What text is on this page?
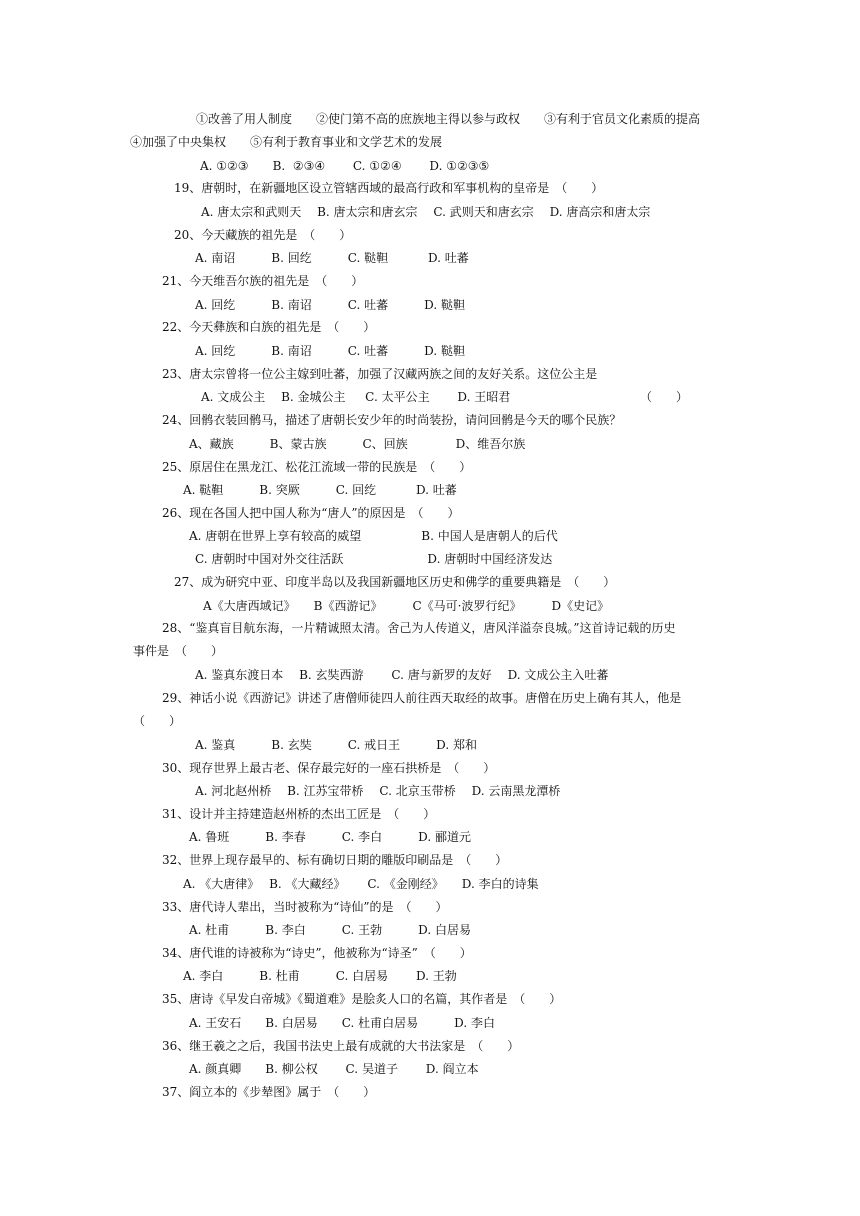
①改善了用人制度　　②使门第不高的庶族地主得以参与政权　　③有利于官员文化素质的提高
④加强了中央集权　　⑤有利于教育事业和文学艺术的发展
A. ①②③　　B.  ②③④　　 C. ①②④　　 D. ①②③⑤
19、唐朝时，在新疆地区设立管辖西域的最高行政和军事机构的皇帝是　（　　）
A. 唐太宗和武则天　 B. 唐太宗和唐玄宗　 C. 武则天和唐玄宗　 D. 唐高宗和唐太宗
20、今天藏族的祖先是　（　　）
A. 南诏　　　B. 回纥　　　C. 鞑靼　　　 D. 吐蕃
21、今天维吾尔族的祖先是　（　　）
A. 回纥　　　B. 南诏　　　C. 吐蕃　　　D. 鞑靼
22、今天彝族和白族的祖先是　（　　）
A. 回纥　　　B. 南诏　　　C. 吐蕃　　　D. 鞑靼
23、唐太宗曾将一位公主嫁到吐蕃，加强了汉藏两族之间的友好关系。这位公主是
A. 文成公主　 B. 金城公主　  C. 太平公主　　 D. 王昭君	（　　）
24、回鹘衣装回鹘马，描述了唐朝长安少年的时尚装扮，请问回鹘是今天的哪个民族？
A、藏族　　　B、蒙古族　　　C、回族　　　　D、维吾尔族
25、原居住在黑龙江、松花江流域一带的民族是　（　　）
A. 鞑靼　　　B. 突厥　　　C. 回纥　　　 D. 吐蕃
26、现在各国人把中国人称为“唐人”的原因是　（　　）
A. 唐朝在世界上享有较高的威望　　　　　B. 中国人是唐朝人的后代
C. 唐朝时中国对外交往活跃　　　　　　　D. 唐朝时中国经济发达
27、成为研究中亚、印度半岛以及我国新疆地区历史和佛学的重要典籍是　（　　）
A《大唐西域记》　　B《西游记》　　　C《马可·波罗行纪》　　　D《史记》
28、“鉴真盲目航东海，一片精诚照太清。舍己为人传道义，唐风洋溢奈良城。”这首诗记载的历史
事件是　（　　）
A. 鉴真东渡日本　 B. 玄奘西游　　 C. 唐与新罗的友好　 D. 文成公主入吐蕃
29、神话小说《西游记》讲述了唐僧师徒四人前往西天取经的故事。唐僧在历史上确有其人，他是
（　　）
A. 鉴真　　　B. 玄奘　　　C. 戒日王　　　D. 郑和
30、现存世界上最古老、保存最完好的一座石拱桥是　（　　）
A. 河北赵州桥　 B. 江苏宝带桥　 C. 北京玉带桥　 D. 云南黑龙潭桥
31、设计并主持建造赵州桥的杰出工匠是　（　　）
A. 鲁班　　　B. 李春　　　C. 李白　　　D. 郦道元
32、世界上现存最早的、标有确切日期的雕版印刷品是　（　　）
A. 《大唐律》　 B. 《大藏经》　　 C. 《金刚经》　　D. 李白的诗集
33、唐代诗人辈出，当时被称为“诗仙”的是　（　　）
A. 杜甫　　　B. 李白　　　C. 王勃　　　D. 白居易
34、唐代谁的诗被称为“诗史”，他被称为“诗圣”　（　　）
A. 李白　　　B. 杜甫　　　C. 白居易　　 D. 王勃
35、唐诗《早发白帝城》《蜀道难》是脍炙人口的名篇，其作者是　（　　）
A. 王安石　　B. 白居易　　C. 杜甫白居易　　　D. 李白
36、继王羲之之后，我国书法史上最有成就的大书法家是　（　　）
A. 颜真卿　　B. 柳公权　　 C. 吴道子　　 D. 阎立本
37、阎立本的《步辇图》属于　（　　）
